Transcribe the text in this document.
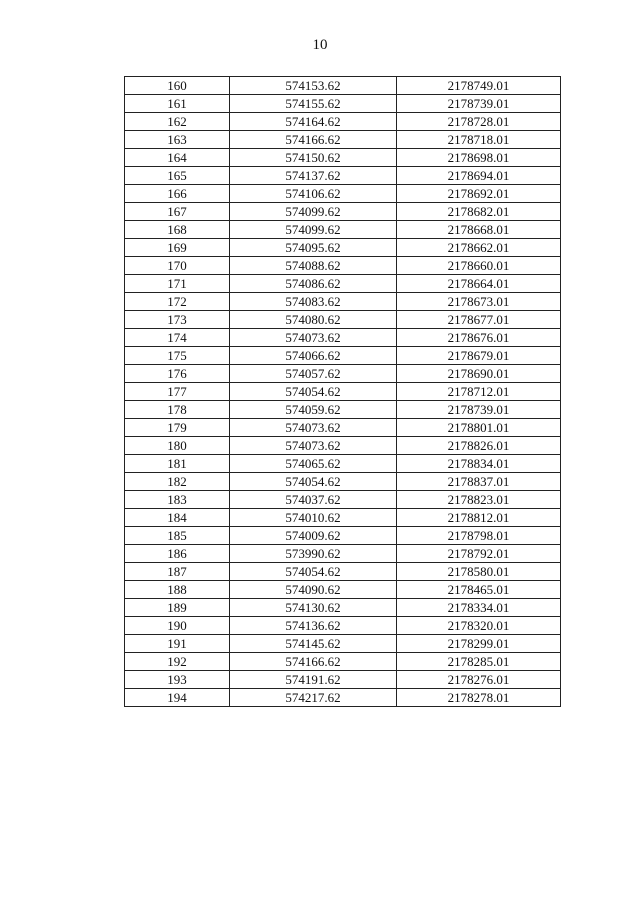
10
160	574153.62	2178749.01
161	574155.62	2178739.01
162	574164.62	2178728.01
163	574166.62	2178718.01
164	574150.62	2178698.01
165	574137.62	2178694.01
166	574106.62	2178692.01
167	574099.62	2178682.01
168	574099.62	2178668.01
169	574095.62	2178662.01
170	574088.62	2178660.01
171	574086.62	2178664.01
172	574083.62	2178673.01
173	574080.62	2178677.01
174	574073.62	2178676.01
175	574066.62	2178679.01
176	574057.62	2178690.01
177	574054.62	2178712.01
178	574059.62	2178739.01
179	574073.62	2178801.01
180	574073.62	2178826.01
181	574065.62	2178834.01
182	574054.62	2178837.01
183	574037.62	2178823.01
184	574010.62	2178812.01
185	574009.62	2178798.01
186	573990.62	2178792.01
187	574054.62	2178580.01
188	574090.62	2178465.01
189	574130.62	2178334.01
190	574136.62	2178320.01
191	574145.62	2178299.01
192	574166.62	2178285.01
193	574191.62	2178276.01
194	574217.62	2178278.01
